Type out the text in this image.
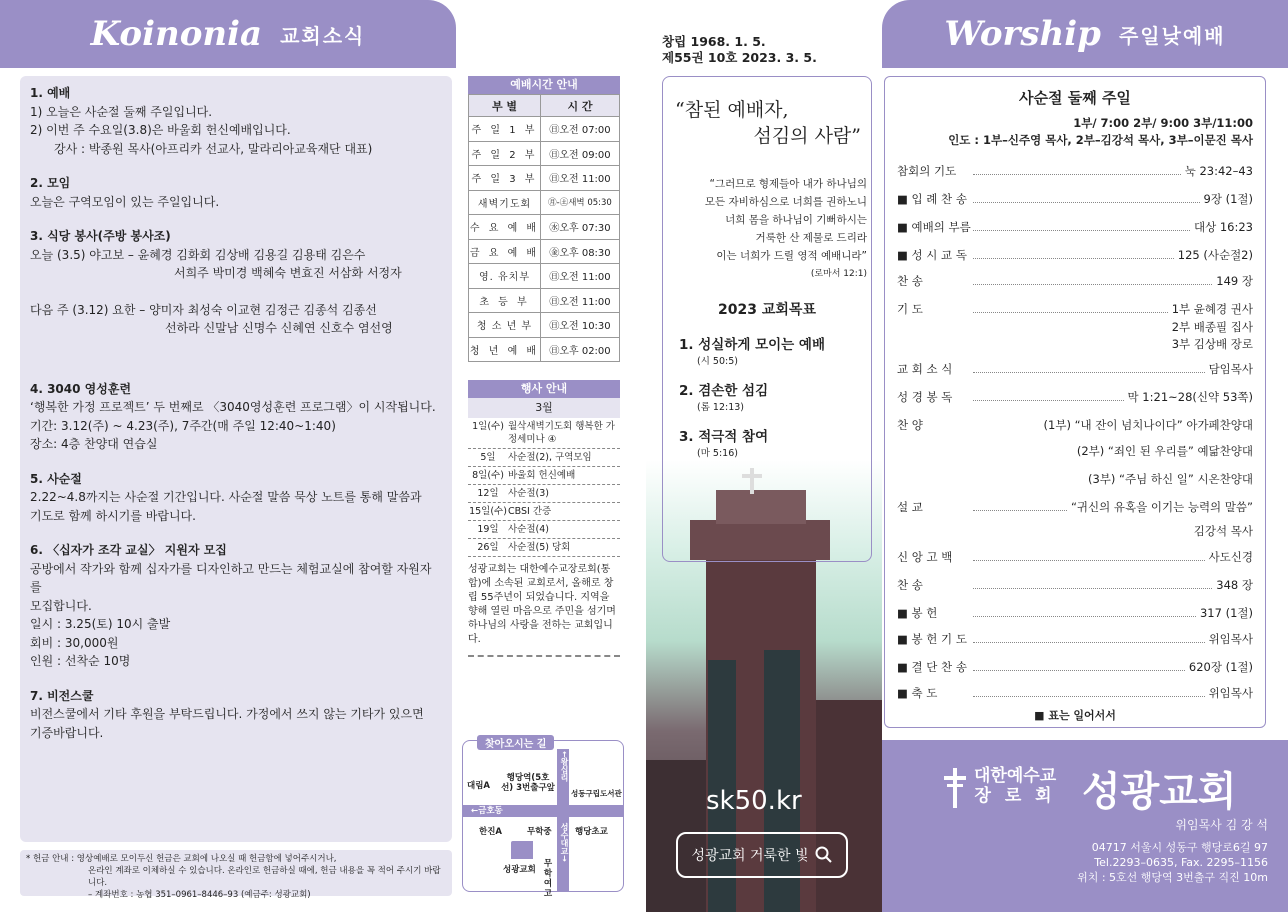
Koinonia 교회소식
1. 예배
1) 오늘은 사순절 둘째 주일입니다.
2) 이번 주 수요일(3.8)은 바울회 헌신예배입니다.
강사 : 박종원 목사(아프리카 선교사, 말라리아교육재단 대표)
2. 모임
오늘은 구역모임이 있는 주일입니다.
3. 식당 봉사(주방 봉사조)
오늘 (3.5) 야고보 – 윤혜경 김화회 김상배 김용길 김용태 김은수
서희주 박미경 백혜숙 변효진 서삼화 서정자
다음 주 (3.12) 요한 – 양미자 최성숙 이교현 김정근 김종석 김종선
선하라 신말남 신명수 신혜연 신호수 염선영
4. 3040 영성훈련
‘행복한 가정 프로젝트’ 두 번째로 〈3040영성훈련 프로그램〉이 시작됩니다.
기간: 3.12(주) ~ 4.23(주), 7주간(매 주일 12:40~1:40)
장소: 4층 찬양대 연습실
5. 사순절
2.22~4.8까지는 사순절 기간입니다. 사순절 말씀 묵상 노트를 통해 말씀과
기도로 함께 하시기를 바랍니다.
6. 〈십자가 조각 교실〉 지원자 모집
공방에서 작가와 함께 십자가를 디자인하고 만드는 체험교실에 참여할 자원자를
모집합니다.
일시 : 3.25(토) 10시 출발
회비 : 30,000원
인원 : 선착순 10명
7. 비전스쿨
비전스쿨에서 기타 후원을 부탁드립니다. 가정에서 쓰지 않는 기타가 있으면
기증바랍니다.
* 헌금 안내 : 영상예배로 모이두신 헌금은 교회에 나오실 때 헌금함에 넣어주시거나,
온라인 계좌로 이체하실 수 있습니다. 온라인로 헌금하실 때에, 헌금 내용을 꼭 적어 주시기 바랍니다.
– 계좌번호 : 농협 351–0961–8446–93 (예금주: 성광교회)
예배시간 안내
부 별	시 간
주 일 1 부	㊐오전 07:00
주 일 2 부	㊐오전 09:00
주 일 3 부	㊐오전 11:00
새벽기도회	㊊-㊏새벽 05:30
수 요 예 배	㊌오후 07:30
금 요 예 배	㊎오후 08:30
영. 유치부	㊐오전 11:00
초 등 부	㊐오전 11:00
청 소 년 부	㊐오전 10:30
청 년 예 배	㊐오후 02:00
행사 안내
3월
1일(수) 월삭새벽기도회 행복한 가정세미나 ④
5일	사순절(2), 구역모임
8일(수) 바울회 헌신예배
12일 사순절(3)
15일(수) CBSI 간증
19일 사순절(4)
26일 사순절(5) 당회
성광교회는 대한예수교장로회(통합)에 소속된 교회로서, 올해로 창립 55주년이 되었습니다. 지역을 향해 열린 마음으로 주민을 섬기며 하나님의 사랑을 전하는 교회입니다.
찾아오시는 길
대림A
행당역(5호선) 3번출구앞
←왕십리
성동구립도서관
←금호동
한진A	무학중	행당초교
성광교회
무학여고
성수대교→
창립 1968. 1. 5.
제55권 10호 2023. 3. 5.
“참된 예배자,
섬김의 사람”
“그러므로 형제들아 내가 하나님의
모든 자비하심으로 너희를 권하노니
너희 몸을 하나님이 기뻐하시는
거룩한 산 제물로 드리라
이는 너희가 드릴 영적 예배니라”
(로마서 12:1)
2023 교회목표
1. 성실하게 모이는 예배
(시 50:5)
2. 겸손한 섬김
(롬 12:13)
3. 적극적 참여
(마 5:16)
sk50.kr
성광교회 거룩한 빛
Worship 주일낮예배
사순절 둘째 주일
1부/ 7:00 2부/ 9:00 3부/11:00
인도 : 1부–신주영 목사, 2부–김강석 목사, 3부–이문진 목사
참회의 기도	눅 23:42–43
■ 입 례 찬 송	9장 (1절)
■ 예배의 부름	대상 16:23
■ 성 시 교 독	125 (사순절2)
찬 송	149 장
기 도	1부 윤혜경 권사
2부 배종필 집사
3부 김상배 장로
교 회 소 식	담임목사
성 경 봉 독	막 1:21~28(신약 53쪽)
찬 양	(1부) “내 잔이 넘치나이다” 아가페찬양대
(2부) “죄인 된 우리를” 예닮찬양대
(3부) “주님 하신 일” 시온찬양대
설 교	“귀신의 유혹을 이기는 능력의 말씀”
김강석 목사
신 앙 고 백	사도신경
찬 송	348 장
■ 봉 헌	317 (1절)
■ 봉 헌 기 도	위임목사
■ 결 단 찬 송	620장 (1절)
■ 축 도	위임목사
■ 표는 일어서서
대한예수교
장 로 회 성광교회
위임목사 김 강 석
04717 서울시 성동구 행당로6길 97
Tel.2293–0635, Fax. 2295–1156
위치 : 5호선 행당역 3번출구 직진 10m
